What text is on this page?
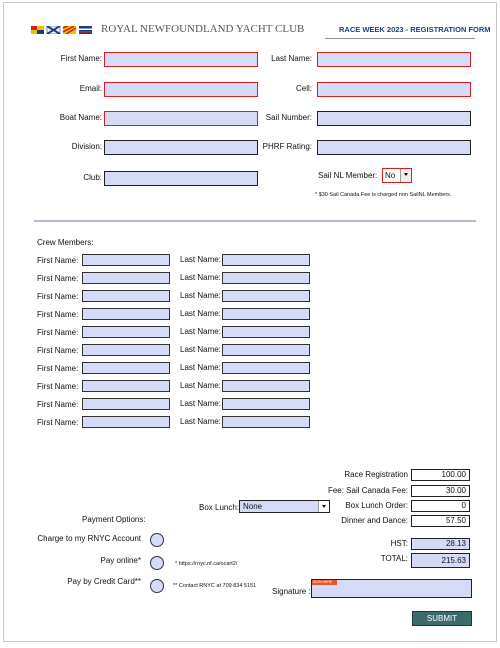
ROYAL NEWFOUNDLAND YACHT CLUB	RACE WEEK 2023 - REGISTRATION FORM
First Name:	Last Name:
Email:	Cell:
Boat Name:	Sail Number:
Division:	PHRF Rating:
Club:	Sail NL Member: No
* $30 Sail Canada Fee is charged non SailNL Members.
Crew Members:
First Name:	Last Name:
First Name:	Last Name:
First Name:	Last Name:
First Name:	Last Name:
First Name:	Last Name:
First Name:	Last Name:
First Name:	Last Name:
First Name:	Last Name:
First Name:	Last Name:
First Name:	Last Name:
Race Registration	100.00
Fee: Sail Canada Fee:	30.00
Box Lunch Order:	0
Dinner and Dance:	57.50
HST:	28.13
TOTAL:	215.63
Box Lunch: None
Payment Options:
Charge to my RNYC Account
Pay online*	* https://rnyc.nf.ca/ocart2/
Pay by Credit Card**	** Contact RNYC at 709 834 5151
Signature :
SIGN HERE
SUBMIT
